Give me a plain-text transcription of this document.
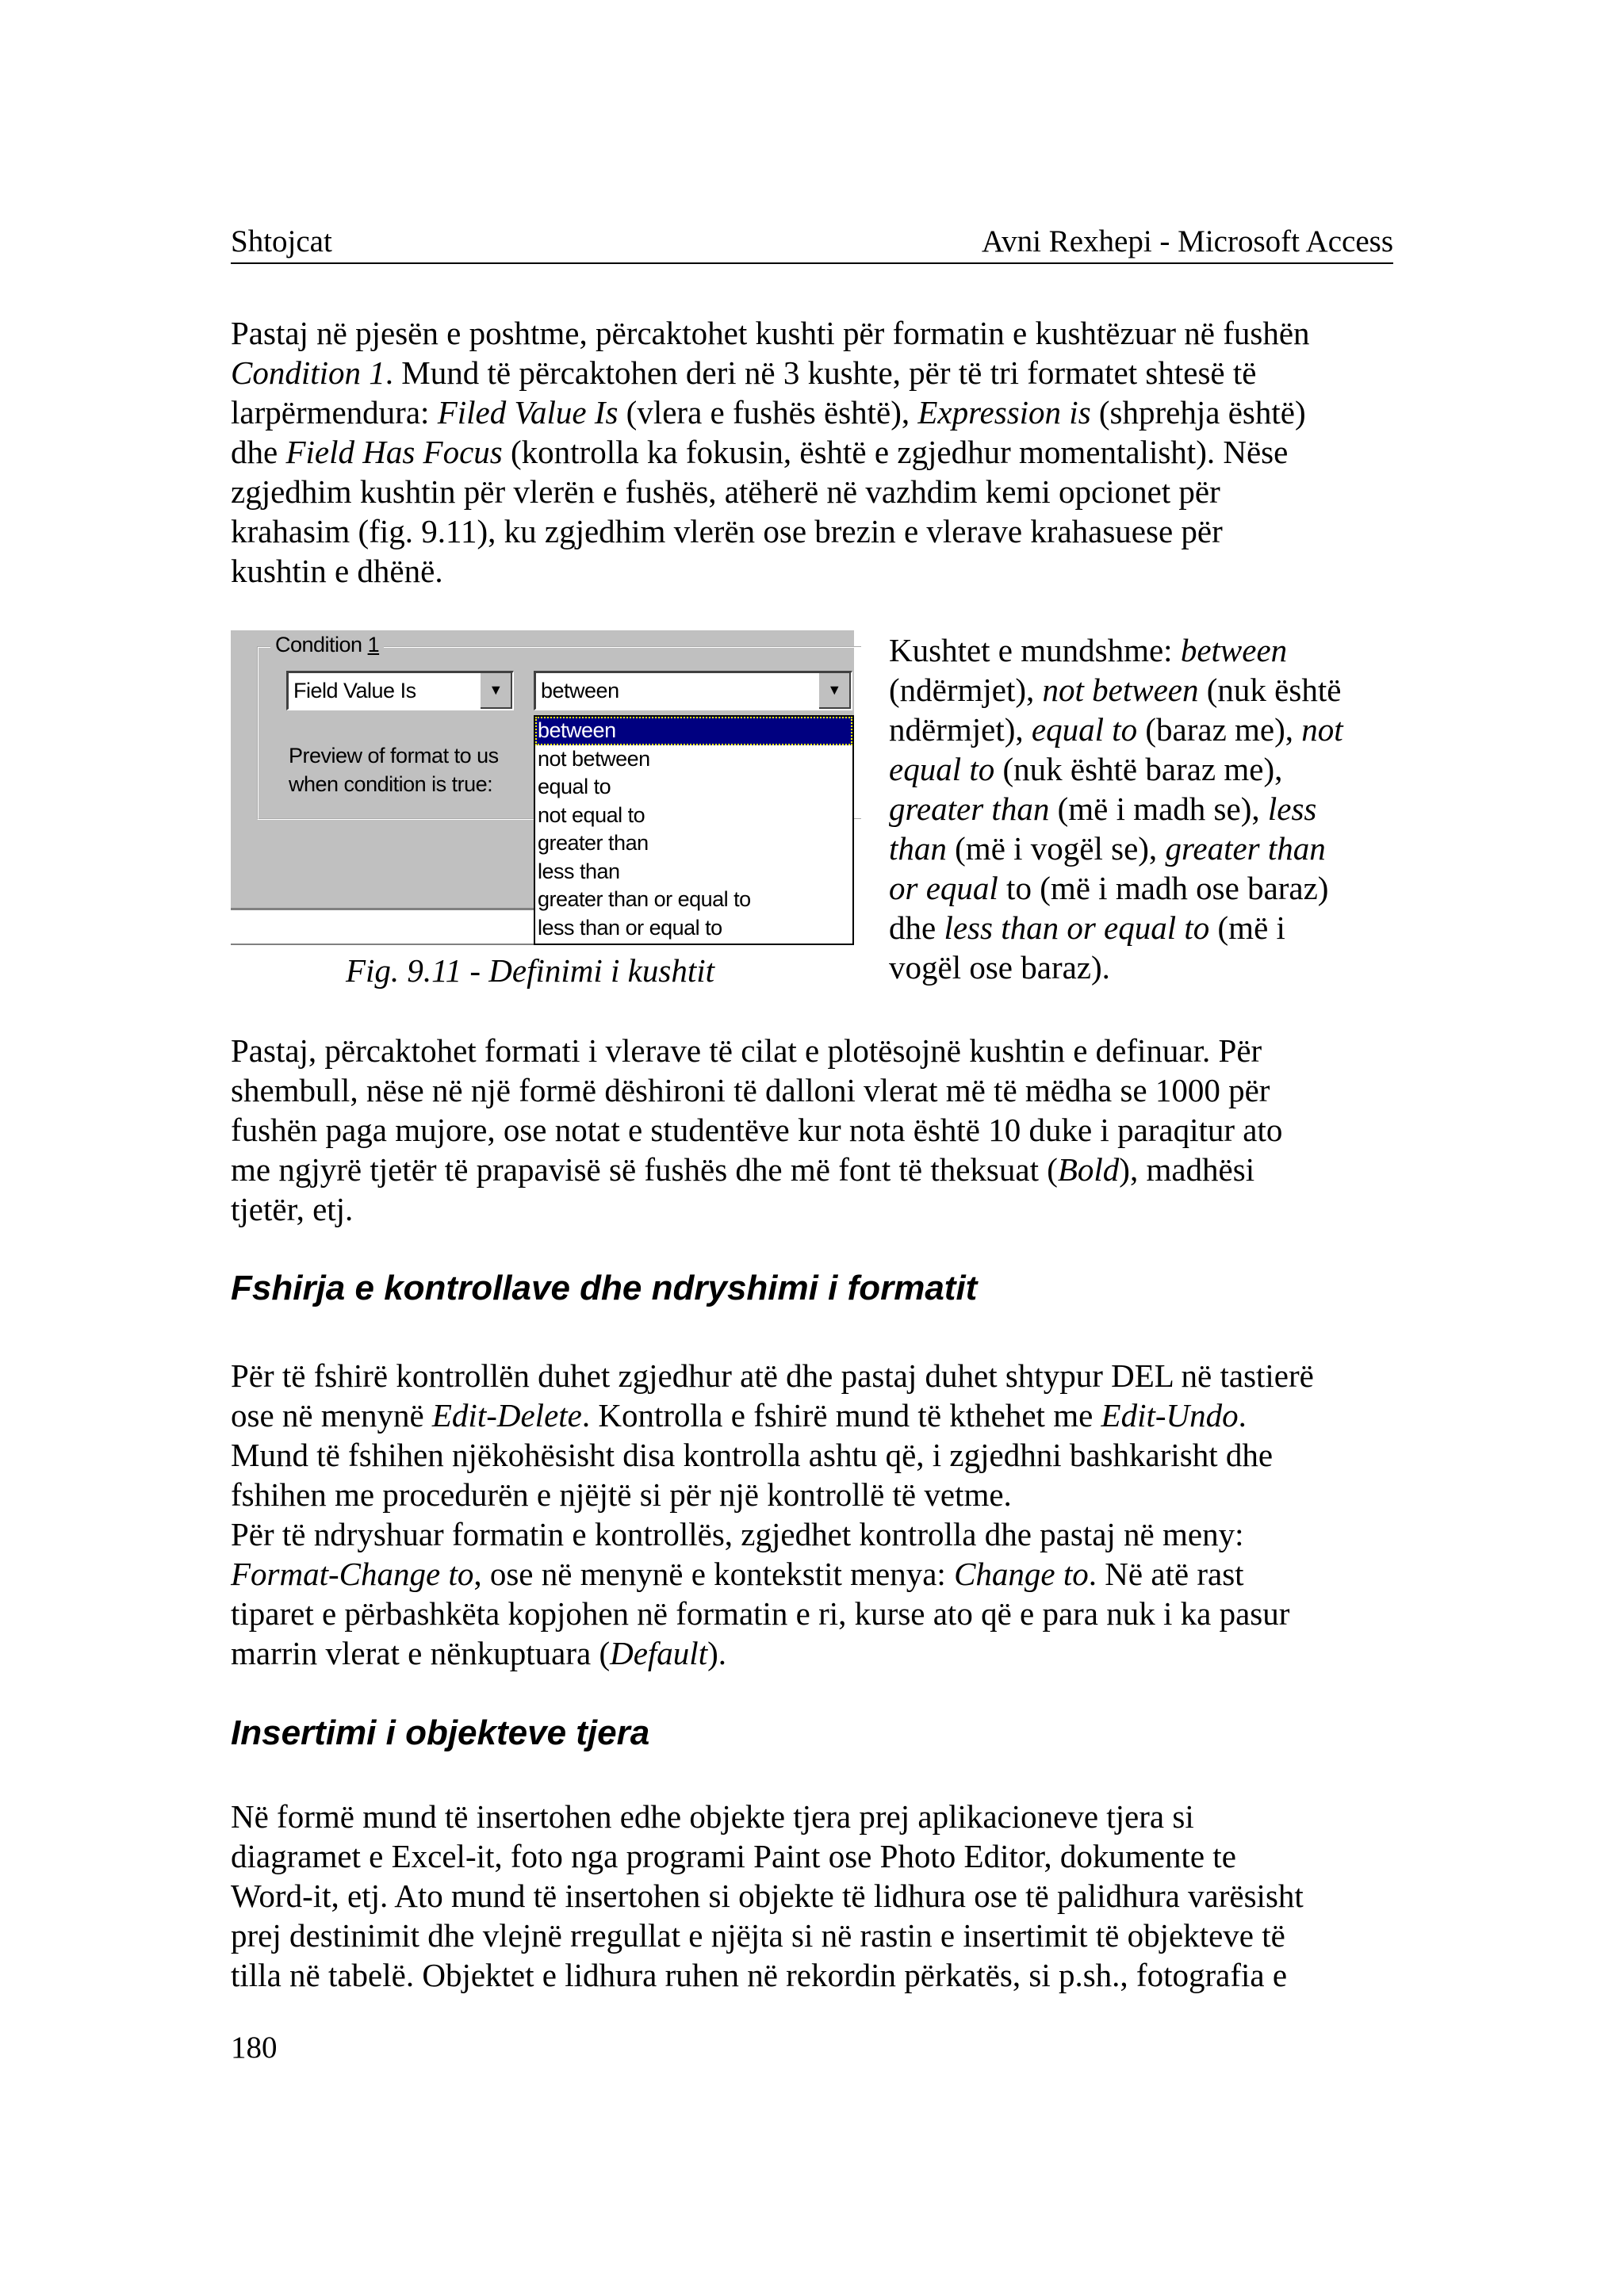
Shtojcat	Avni Rexhepi - Microsoft Access
Pastaj në pjesën e poshtme, përcaktohet kushti për formatin e kushtëzuar në fushën
Condition 1. Mund të përcaktohen deri në 3 kushte, për të tri formatet shtesë të
larpërmendura: Filed Value Is (vlera e fushës është), Expression is (shprehja është)
dhe Field Has Focus (kontrolla ka fokusin, është e zgjedhur momentalisht). Nëse
zgjedhim kushtin për vlerën e fushës, atëherë në vazhdim kemi opcionet për
krahasim (fig. 9.11), ku zgjedhim vlerën ose brezin e vlerave krahasuese për
kushtin e dhënë.
Condition 1
Field Value Is	▼	between	▼
Preview of format to us
when condition is true:
between
not between
equal to
not equal to
greater than
less than
greater than or equal to
less than or equal to
Fig. 9.11 - Definimi i kushtit
Kushtet e mundshme: between
(ndërmjet), not between (nuk është
ndërmjet), equal to (baraz me), not
equal to (nuk është baraz me),
greater than (më i madh se), less
than (më i vogël se), greater than
or equal to (më i madh ose baraz)
dhe less than or equal to (më i
vogël ose baraz).
Pastaj, përcaktohet formati i vlerave të cilat e plotësojnë kushtin e definuar. Për
shembull, nëse në një formë dëshironi të dalloni vlerat më të mëdha se 1000 për
fushën paga mujore, ose notat e studentëve kur nota është 10 duke i paraqitur ato
me ngjyrë tjetër të prapavisë së fushës dhe më font të theksuat (Bold), madhësi
tjetër, etj.
Fshirja e kontrollave dhe ndryshimi i formatit
Për të fshirë kontrollën duhet zgjedhur atë dhe pastaj duhet shtypur DEL në tastierë
ose në menynë Edit-Delete. Kontrolla e fshirë mund të kthehet me Edit-Undo.
Mund të fshihen njëkohësisht disa kontrolla ashtu që, i zgjedhni bashkarisht dhe
fshihen me procedurën e njëjtë si për një kontrollë të vetme.
Për të ndryshuar formatin e kontrollës, zgjedhet kontrolla dhe pastaj në meny:
Format-Change to, ose në menynë e kontekstit menya: Change to. Në atë rast
tiparet e përbashkëta kopjohen në formatin e ri, kurse ato që e para nuk i ka pasur
marrin vlerat e nënkuptuara (Default).
Insertimi i objekteve tjera
Në formë mund të insertohen edhe objekte tjera prej aplikacioneve tjera si
diagramet e Excel-it, foto nga programi Paint ose Photo Editor, dokumente te
Word-it, etj. Ato mund të insertohen si objekte të lidhura ose të palidhura varësisht
prej destinimit dhe vlejnë rregullat e njëjta si në rastin e insertimit të objekteve të
tilla në tabelë. Objektet e lidhura ruhen në rekordin përkatës, si p.sh., fotografia e
180
